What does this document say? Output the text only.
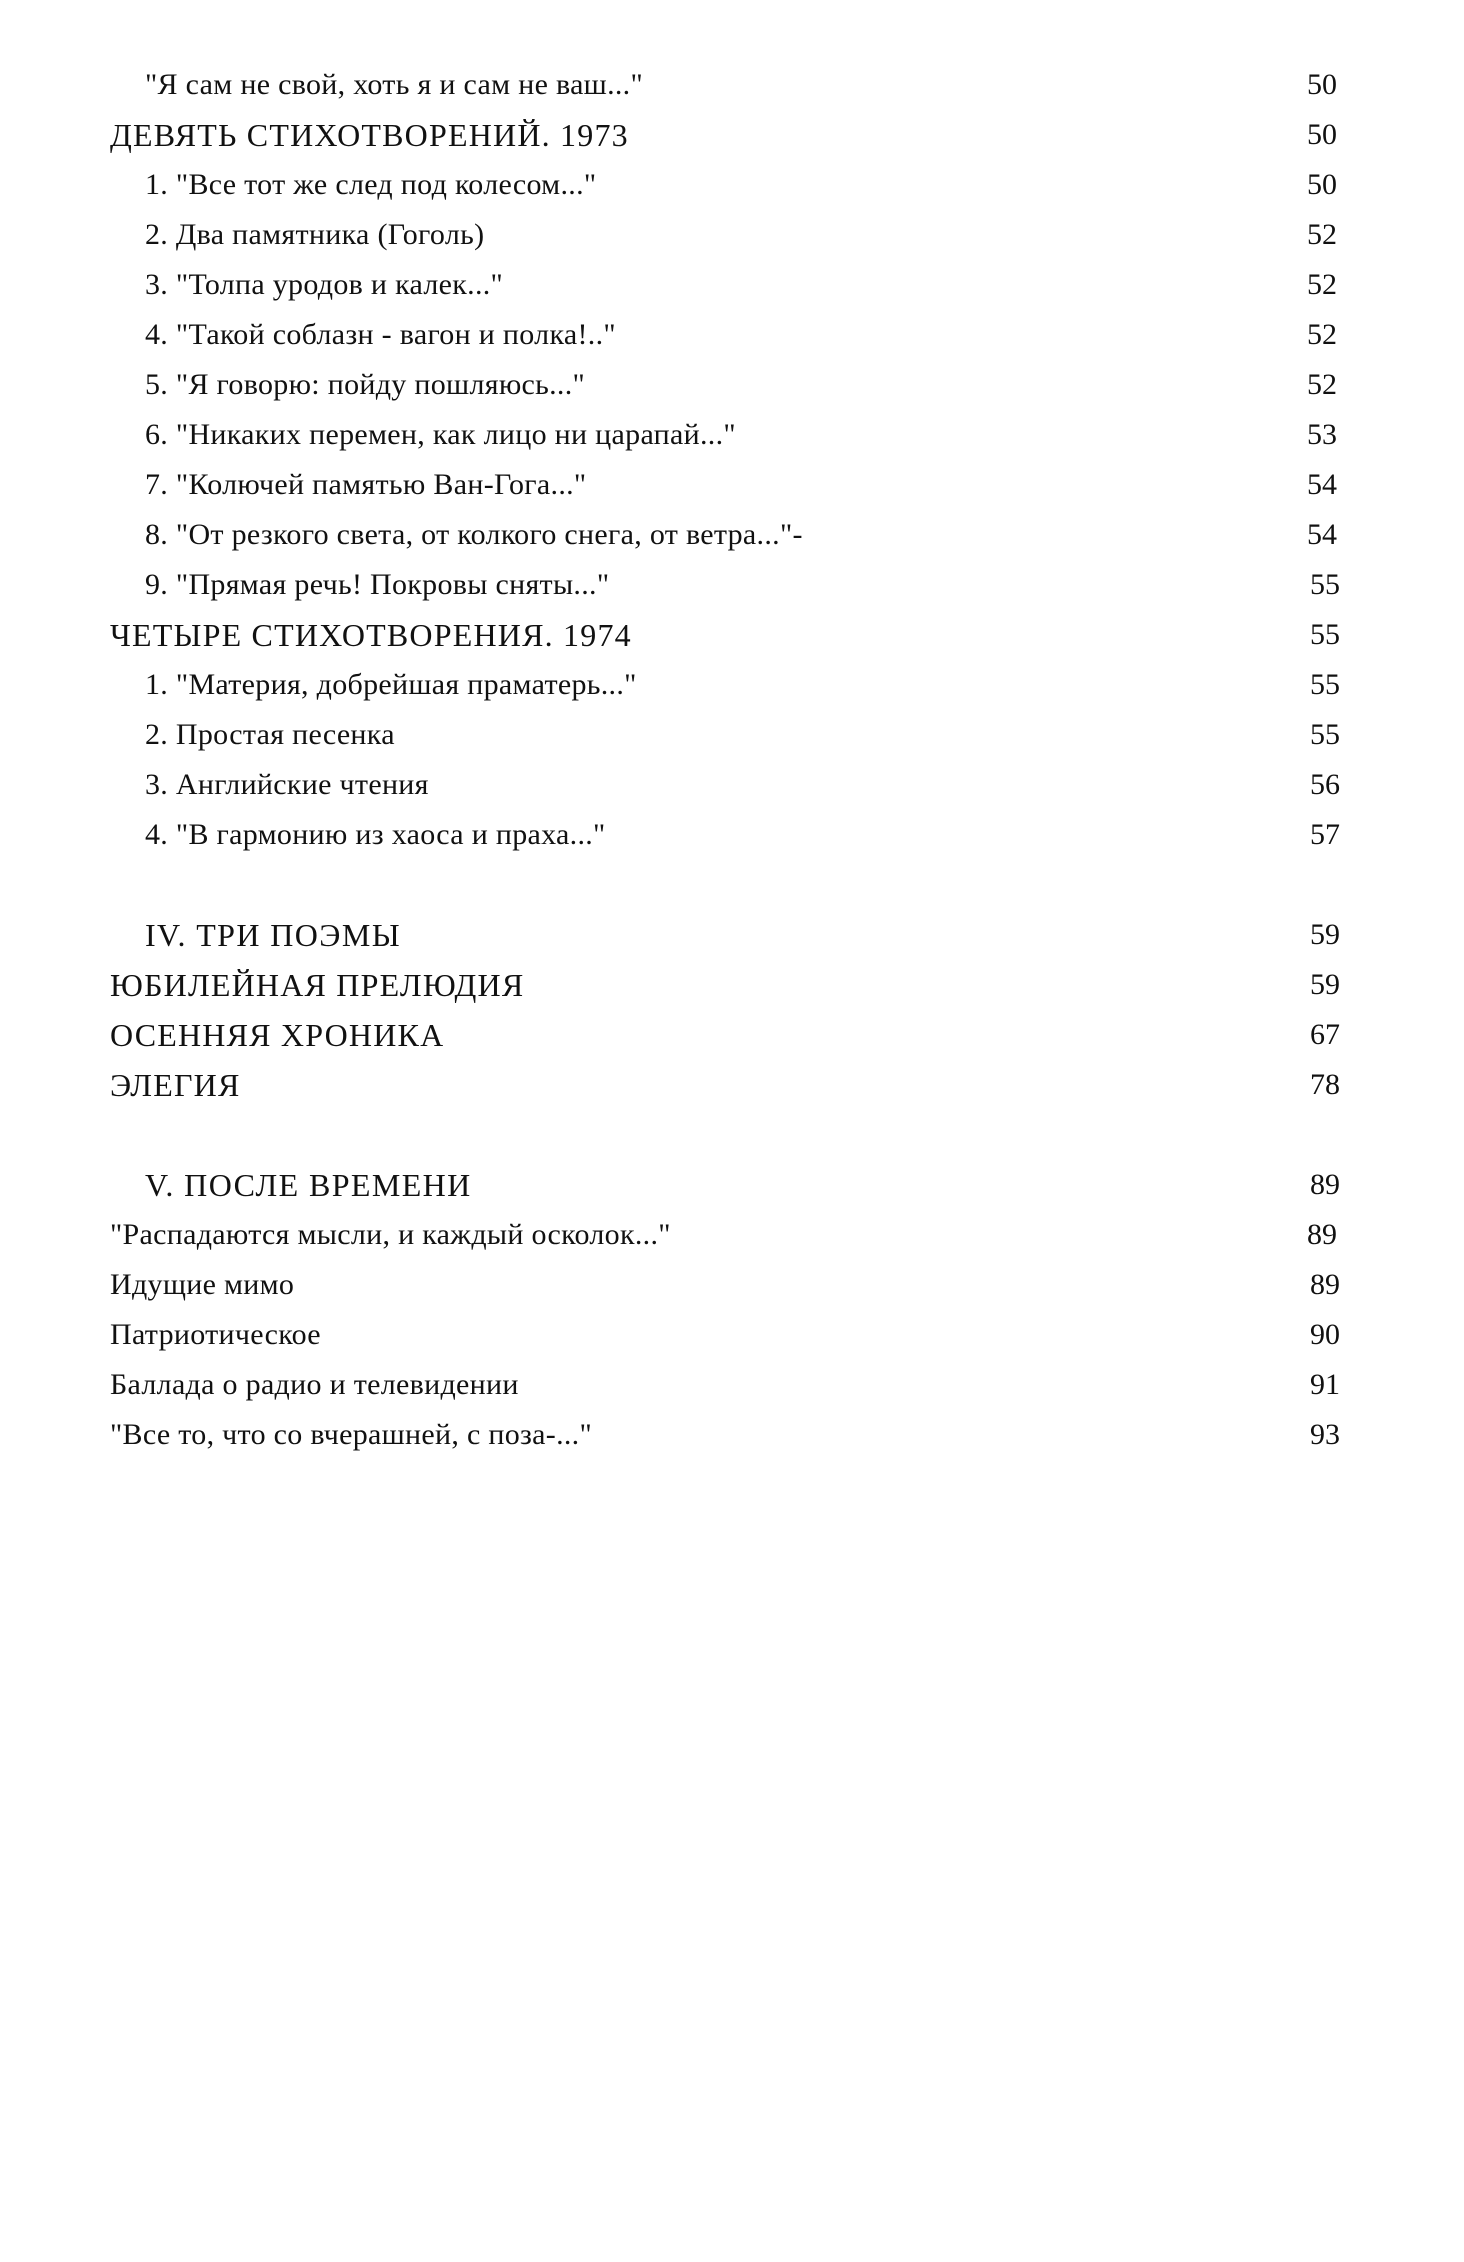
"Я сам не свой, хоть я и сам не ваш..."	50
ДЕВЯТЬ СТИХОТВОРЕНИЙ. 1973	50
1. "Все тот же след под колесом..."	50
2. Два памятника (Гоголь)	52
3. "Толпа уродов и калек..."	52
4. "Такой соблазн - вагон и полка!.."	52
5. "Я говорю: пойду пошляюсь..."	52
6. "Никаких перемен, как лицо ни царапай..."	53
7. "Колючей памятью Ван-Гога..."	54
8. "От резкого света, от колкого снега, от ветра..."-	54
9. "Прямая речь! Покровы сняты..."	55
ЧЕТЫРЕ СТИХОТВОРЕНИЯ. 1974	55
1. "Материя, добрейшая праматерь..."	55
2. Простая песенка	55
3. Английские чтения	56
4. "В гармонию из хаоса и праха..."	57
IV. ТРИ ПОЭМЫ	59
ЮБИЛЕЙНАЯ ПРЕЛЮДИЯ	59
ОСЕННЯЯ ХРОНИКА	67
ЭЛЕГИЯ	78
V. ПОСЛЕ ВРЕМЕНИ	89
"Распадаются мысли, и каждый осколок..."	89
Идущие мимо	89
Патриотическое	90
Баллада о радио и телевидении	91
"Все то, что со вчерашней, с поза-..."	93
